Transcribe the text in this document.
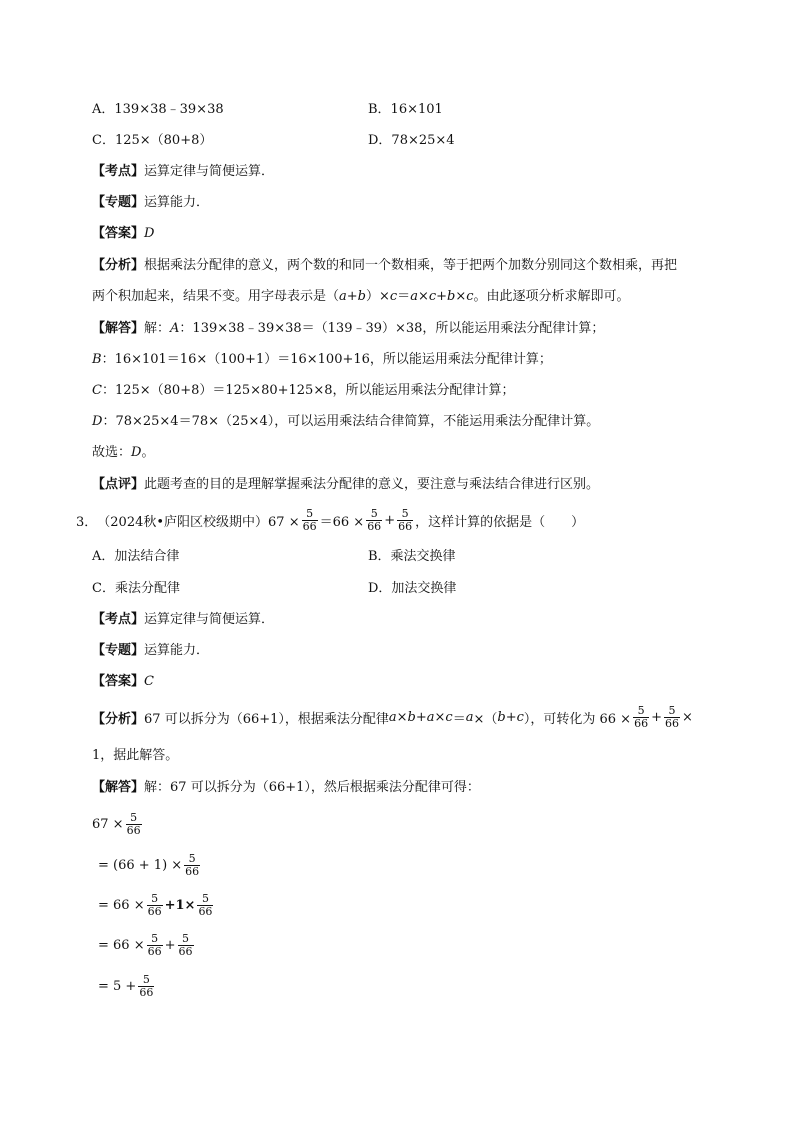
A．139×38﹣39×38	B．16×101
C．125×（80+8）	D．78×25×4
【考点】运算定律与简便运算．
【专题】运算能力．
【答案】D
【分析】根据乘法分配律的意义，两个数的和同一个数相乘，等于把两个加数分别同这个数相乘，再把
两个积加起来，结果不变。用字母表示是（a+b）×c＝a×c+b×c。由此逐项分析求解即可。
【解答】解：A：139×38﹣39×38＝（139﹣39）×38，所以能运用乘法分配律计算；
B：16×101＝16×（100+1）＝16×100+16，所以能运用乘法分配律计算；
C：125×（80+8）＝125×80+125×8，所以能运用乘法分配律计算；
D：78×25×4＝78×（25×4），可以运用乘法结合律简算，不能运用乘法分配律计算。
故选：D。
【点评】此题考查的目的是理解掌握乘法分配律的意义，要注意与乘法结合律进行区别。
3． （2024秋•庐阳区校级期中）$67 \times \frac{5}{66} =66 \times \frac{5}{66} + \frac{5}{66}$ ，这样计算的依据是（　　）
A．加法结合律	B．乘法交换律
C．乘法分配律	D．加法交换律
【考点】运算定律与简便运算．
【专题】运算能力．
【答案】C
【分析】 67 可以拆分为（66+1），根据乘法分配律 a×b+a×c ＝ a ×（ b+c ），可转化为 $66 \times \frac{5}{66} + \frac{5}{66}$ ×
1，据此解答。
【解答】解：67 可以拆分为（66+1），然后根据乘法分配律可得：
$67 \times \frac{5}{66}$
= $(66 + 1) \times \frac{5}{66}$
= $66 \times \frac{5}{66} +1\times \frac{5}{66}$
= $66 \times \frac{5}{66} + \frac{5}{66}$
= $5 + \frac{5}{66}$
